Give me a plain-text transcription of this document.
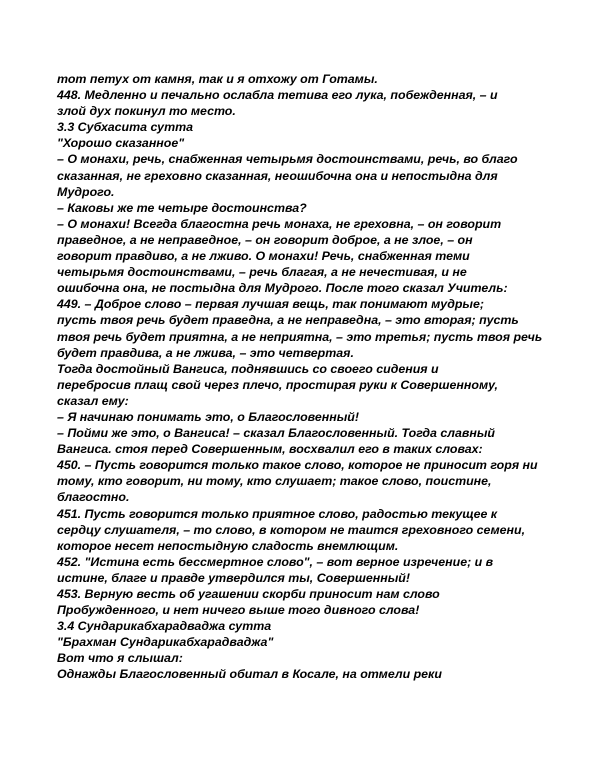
тот петух от камня, так и я отхожу от Готамы.
448. Медленно и печально ослабла тетива его лука, побежденная, – и
злой дух покинул то место.
3.3 Субхасита сутта
"Хорошо сказанное"
– О монахи, речь, снабженная четырьмя достоинствами, речь, во благо
сказанная, не греховно сказанная, неошибочна она и непостыдна для
Мудрого.
– Каковы же те четыре достоинства?
– О монахи! Всегда благостна речь монаха, не греховна, – он говорит
праведное, а не неправедное, – он говорит доброе, а не злое, – он
говорит правдиво, а не лживо. О монахи! Речь, снабженная теми
четырьмя достоинствами, – речь благая, а не нечестивая, и не
ошибочна она, не постыдна для Мудрого. После того сказал Учитель:
449. – Доброе слово – первая лучшая вещь, так понимают мудрые;
пусть твоя речь будет праведна, а не неправедна, – это вторая; пусть
твоя речь будет приятна, а не неприятна, – это третья; пусть твоя речь
будет правдива, а не лжива, – это четвертая.
Тогда достойный Вангиса, поднявшись со своего сидения и
перебросив плащ свой через плечо, простирая руки к Совершенному,
сказал ему:
– Я начинаю понимать это, о Благословенный!
– Пойми же это, о Вангиса! – сказал Благословенный. Тогда славный
Вангиса. стоя перед Совершенным, восхвалил его в таких словах:
450. – Пусть говорится только такое слово, которое не приносит горя ни
тому, кто говорит, ни тому, кто слушает; такое слово, поистине,
благостно.
451. Пусть говорится только приятное слово, радостью текущее к
сердцу слушателя, – то слово, в котором не таится греховного семени,
которое несет непостыдную сладость внемлющим.
452. "Истина есть бессмертное слово", – вот верное изречение; и в
истине, благе и правде утвердился ты, Совершенный!
453. Верную весть об угашении скорби приносит нам слово
Пробужденного, и нет ничего выше того дивного слова!
3.4 Сундарикабхарадваджа сутта
"Брахман Сундарикабхарадваджа"
Вот что я слышал:
Однажды Благословенный обитал в Косале, на отмели реки
